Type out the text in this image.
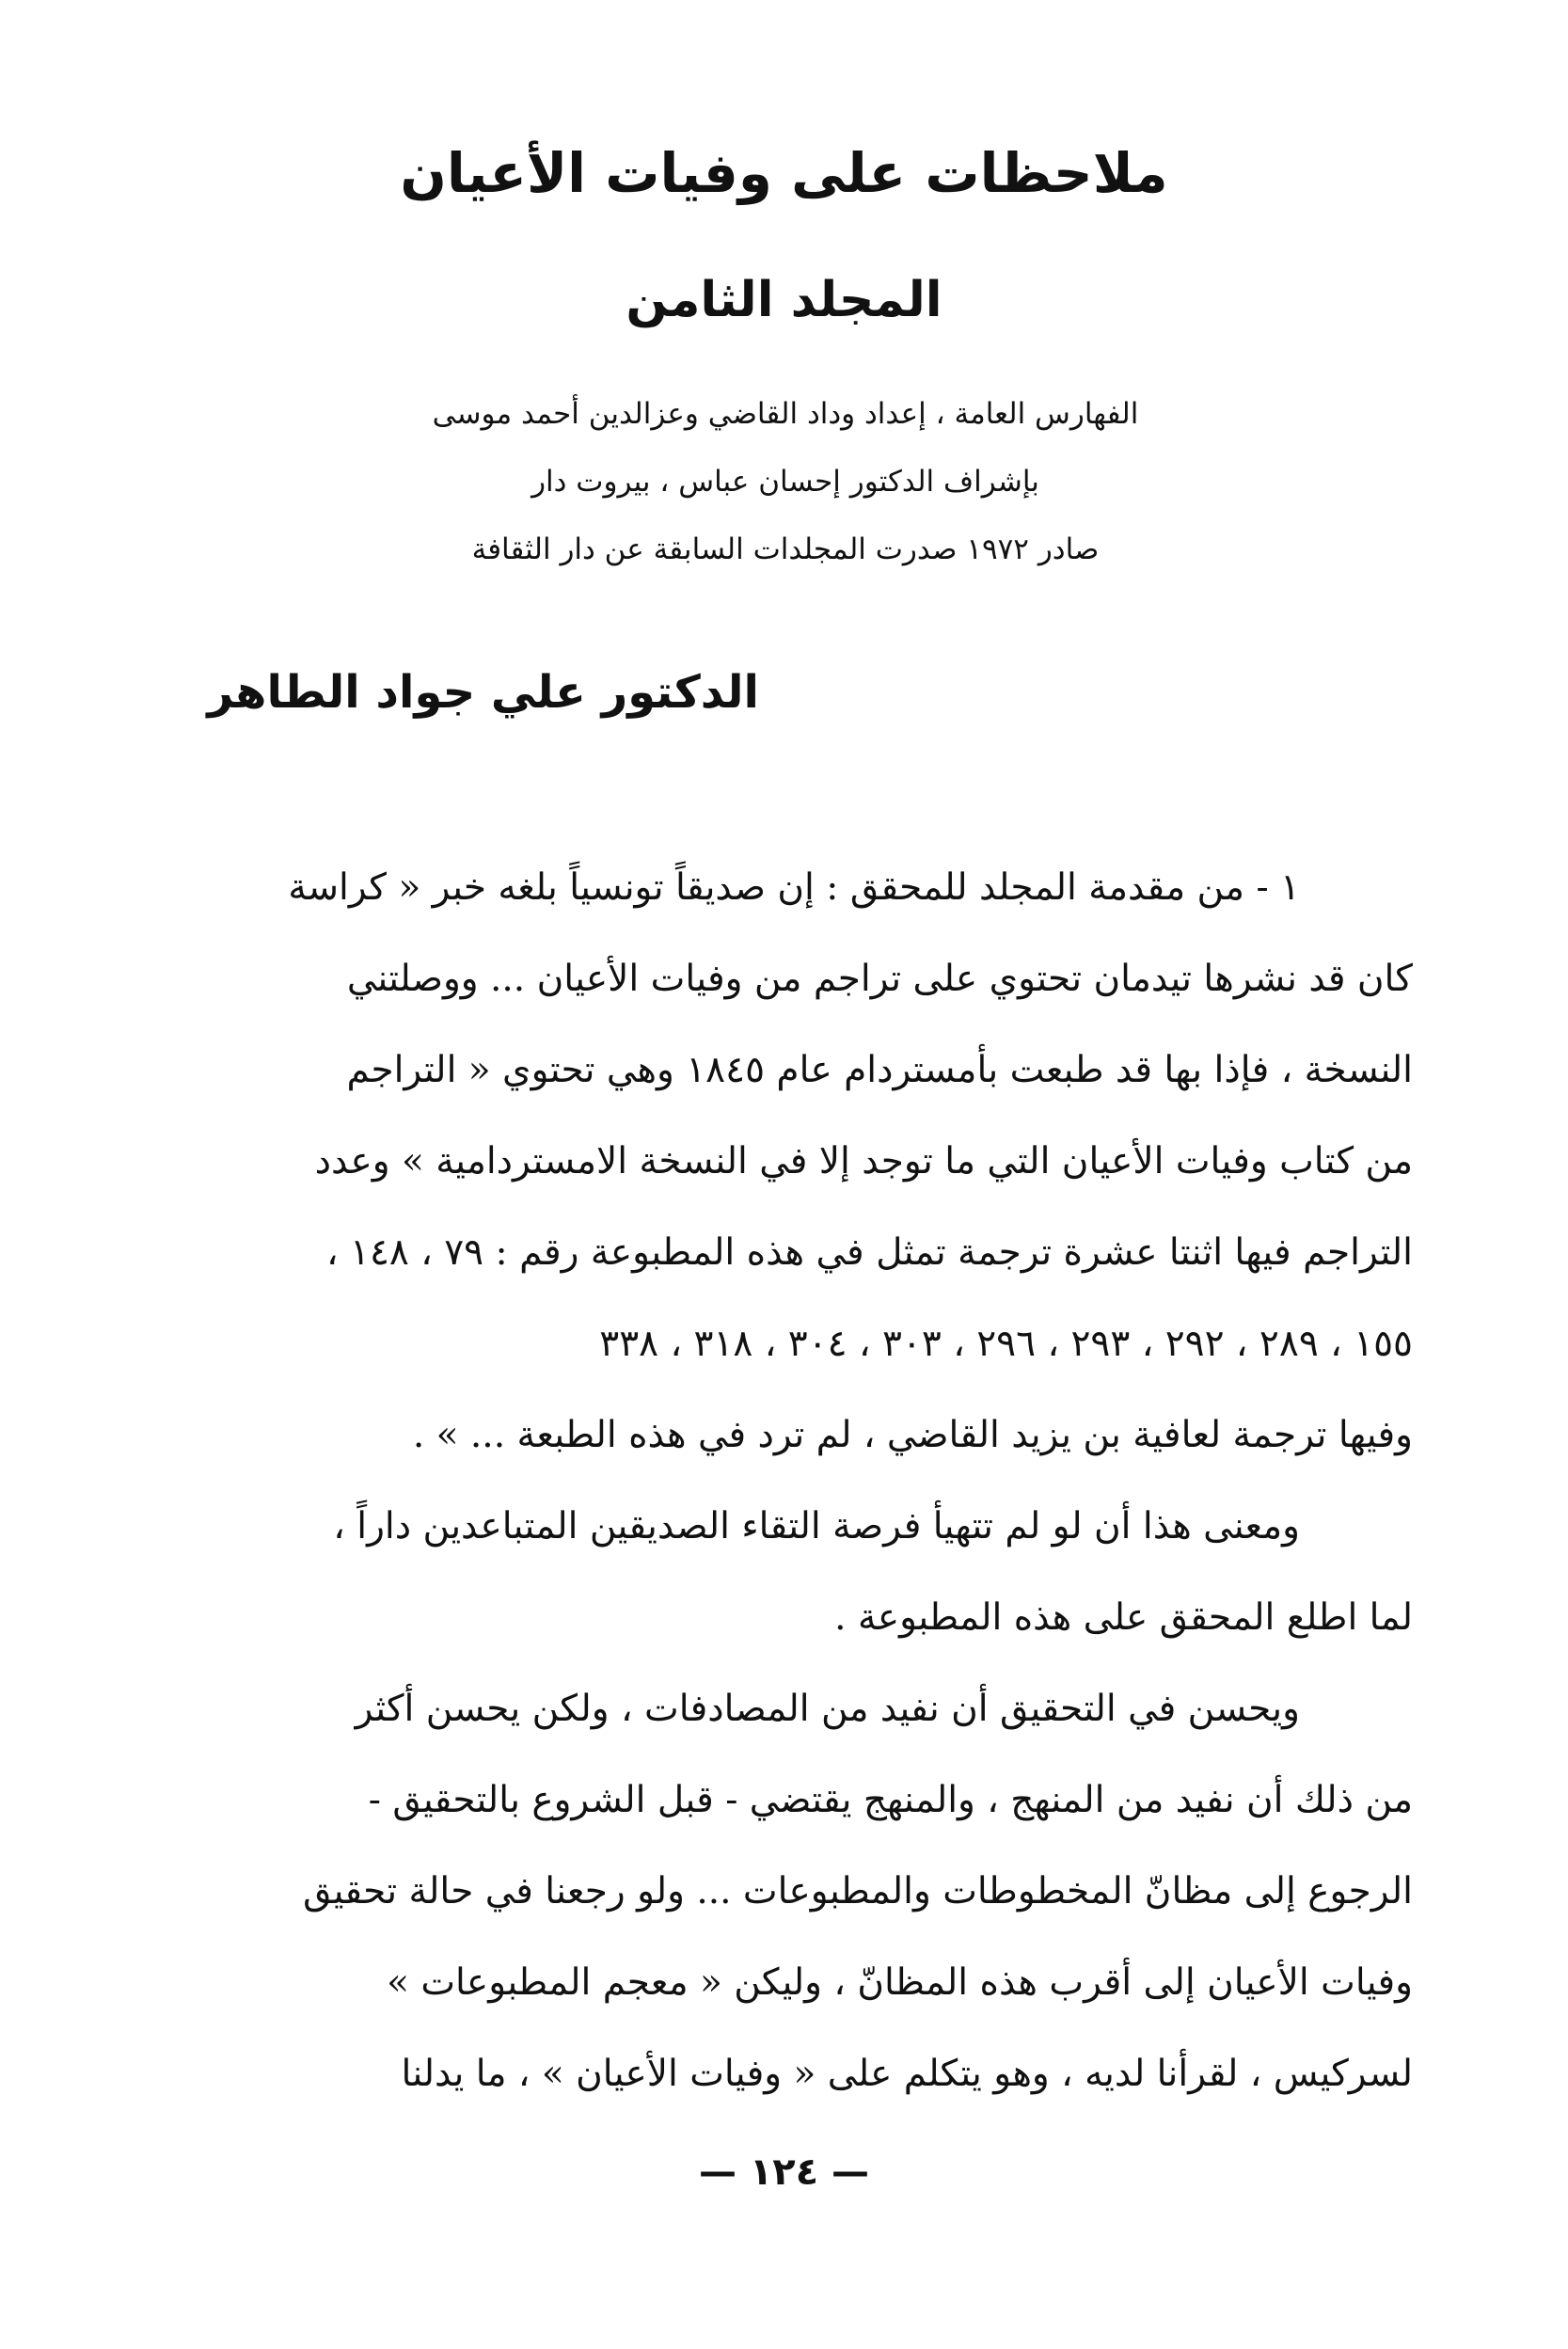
ملاحظات على وفيات الأعيان
المجلد الثامن
الفهارس العامة ، إعداد وداد القاضي وعزالدين أحمد موسى
بإشراف الدكتور إحسان عباس ، بيروت دار
صادر ١٩٧٢ صدرت المجلدات السابقة عن دار الثقافة
الدكتور علي جواد الطاهر
١ - من مقدمة المجلد للمحقق : إن صديقاً تونسياً بلغه خبر « كراسة
كان قد نشرها تيدمان تحتوي على تراجم من وفيات الأعيان ... ووصلتني
النسخة ، فإذا بها قد طبعت بأمستردام عام ١٨٤٥ وهي تحتوي « التراجم
من كتاب وفيات الأعيان التي ما توجد إلا في النسخة الامستردامية » وعدد
التراجم فيها اثنتا عشرة ترجمة تمثل في هذه المطبوعة رقم : ٧٩ ، ١٤٨ ،
١٥٥ ، ٢٨٩ ، ٢٩٢ ، ٢٩٣ ، ٢٩٦ ، ٣٠٣ ، ٣٠٤ ، ٣١٨ ، ٣٣٨
وفيها ترجمة لعافية بن يزيد القاضي ، لم ترد في هذه الطبعة ... » .
ومعنى هذا أن لو لم تتهيأ فرصة التقاء الصديقين المتباعدين داراً ،
لما اطلع المحقق على هذه المطبوعة .
ويحسن في التحقيق أن نفيد من المصادفات ، ولكن يحسن أكثر
من ذلك أن نفيد من المنهج ، والمنهج يقتضي - قبل الشروع بالتحقيق -
الرجوع إلى مظانّ المخطوطات والمطبوعات ... ولو رجعنا في حالة تحقيق
وفيات الأعيان إلى أقرب هذه المظانّ ، وليكن « معجم المطبوعات »
لسركيس ، لقرأنا لديه ، وهو يتكلم على « وفيات الأعيان » ، ما يدلنا
— ١٢٤ —
